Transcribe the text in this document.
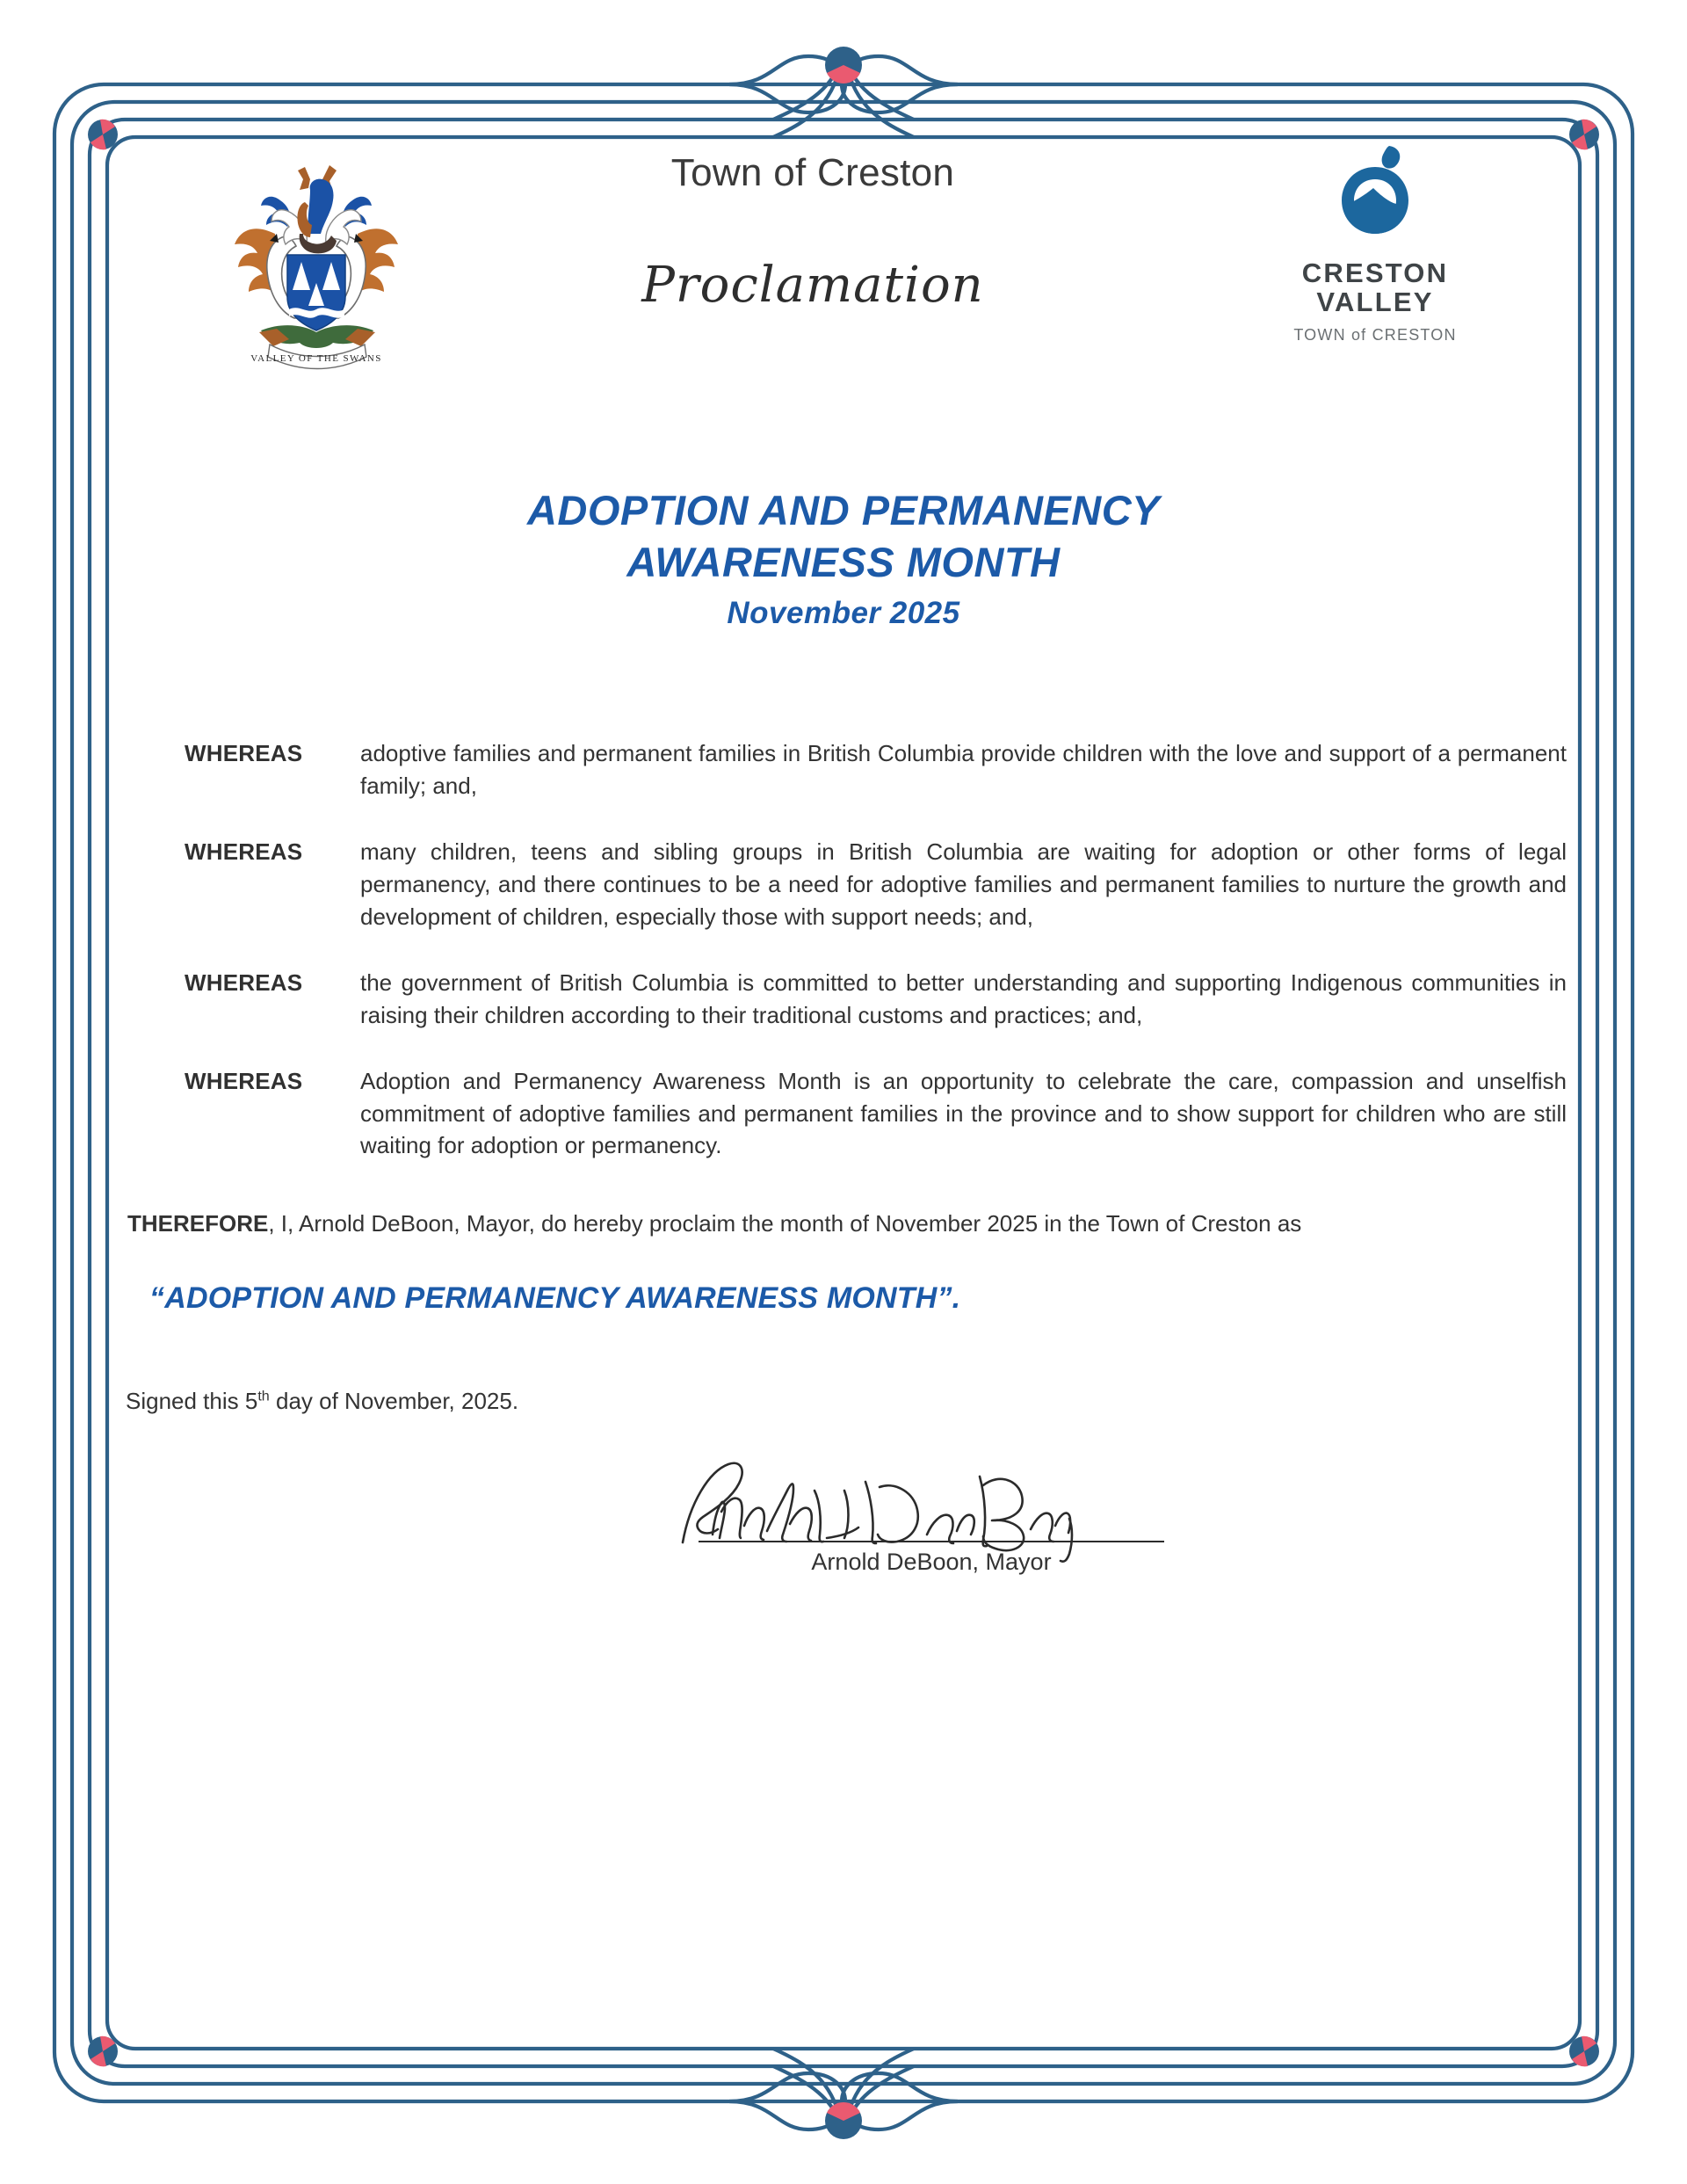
VALLEY OF THE SWANS
Town of Creston
Proclamation	CRESTON
VALLEY
TOWN of CRESTON
ADOPTION AND PERMANENCY
AWARENESS MONTH
November 2025
WHEREAS	adoptive families and permanent families in British Columbia provide children with the love and support of a permanent family; and,
WHEREAS	many children, teens and sibling groups in British Columbia are waiting for adoption or other forms of legal permanency, and there continues to be a need for adoptive families and permanent families to nurture the growth and development of children, especially those with support needs; and,
WHEREAS	the government of British Columbia is committed to better understanding and supporting Indigenous communities in raising their children according to their traditional customs and practices; and,
WHEREAS	Adoption and Permanency Awareness Month is an opportunity to celebrate the care, compassion and unselfish commitment of adoptive families and permanent families in the province and to show support for children who are still waiting for adoption or permanency.
THEREFORE, I, Arnold DeBoon, Mayor, do hereby proclaim the month of November 2025 in the Town of Creston as
“ADOPTION AND PERMANENCY AWARENESS MONTH”.
Signed this 5th day of November, 2025.
Arnold DeBoon, Mayor
